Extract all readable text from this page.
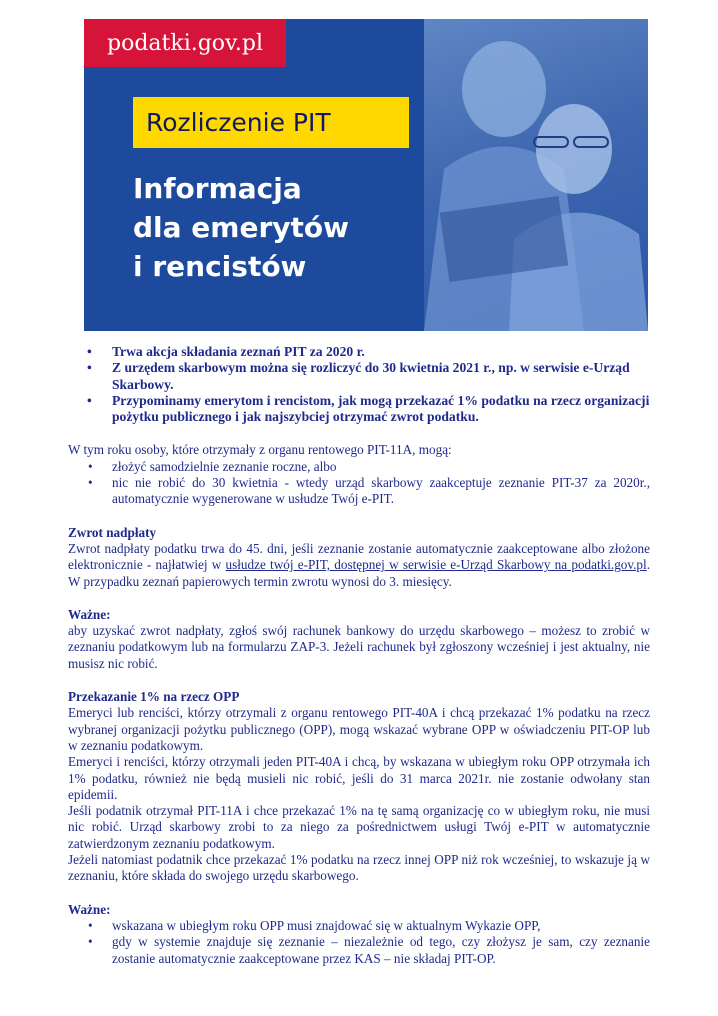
podatki.gov.pl
Rozliczenie PIT
Informacja
dla emerytów
i rencistów
• Trwa akcja składania zeznań PIT za 2020 r.
• Z urzędem skarbowym można się rozliczyć do 30 kwietnia 2021 r., np. w serwisie e-Urząd Skarbowy.
• Przypominamy emerytom i rencistom, jak mogą przekazać 1% podatku na rzecz organizacji pożytku publicznego i jak najszybciej otrzymać zwrot podatku.

W tym roku osoby, które otrzymały z organu rentowego PIT-11A, mogą:

• złożyć samodzielnie zeznanie roczne, albo
• nic nie robić do 30 kwietnia - wtedy urząd skarbowy zaakceptuje zeznanie PIT-37 za 2020r., automatycznie wygenerowane w usłudze Twój e-PIT.

Zwrot nadpłaty

Zwrot nadpłaty podatku trwa do 45. dni, jeśli zeznanie zostanie automatycznie zaakceptowane albo złożone elektronicznie - najłatwiej w usłudze twój e-PIT, dostępnej w serwisie e-Urząd Skarbowy na podatki.gov.pl. W przypadku zeznań papierowych termin zwrotu wynosi do 3. miesięcy.

Ważne:

aby uzyskać zwrot nadpłaty, zgłoś swój rachunek bankowy do urzędu skarbowego – możesz to zrobić w zeznaniu podatkowym lub na formularzu ZAP-3. Jeżeli rachunek był zgłoszony wcześniej i jest aktualny, nie musisz nic robić.

Przekazanie 1% na rzecz OPP

Emeryci lub renciści, którzy otrzymali z organu rentowego PIT-40A i chcą przekazać 1% podatku na rzecz wybranej organizacji pożytku publicznego (OPP), mogą wskazać wybrane OPP w oświadczeniu PIT-OP lub w zeznaniu podatkowym.

Emeryci i renciści, którzy otrzymali jeden PIT-40A i chcą, by wskazana w ubiegłym roku OPP otrzymała ich 1% podatku, również nie będą musieli nic robić, jeśli do 31 marca 2021r. nie zostanie odwołany stan epidemii.

Jeśli podatnik otrzymał PIT-11A i chce przekazać 1% na tę samą organizację co w ubiegłym roku, nie musi nic robić. Urząd skarbowy zrobi to za niego za pośrednictwem usługi Twój e-PIT w automatycznie zatwierdzonym zeznaniu podatkowym.

Jeżeli natomiast podatnik chce przekazać 1% podatku na rzecz innej OPP niż rok wcześniej, to wskazuje ją w zeznaniu, które składa do swojego urzędu skarbowego.

Ważne:

• wskazana w ubiegłym roku OPP musi znajdować się w aktualnym Wykazie OPP,
• gdy w systemie znajduje się zeznanie – niezależnie od tego, czy złożysz je sam, czy zeznanie zostanie automatycznie zaakceptowane przez KAS – nie składaj PIT-OP.
